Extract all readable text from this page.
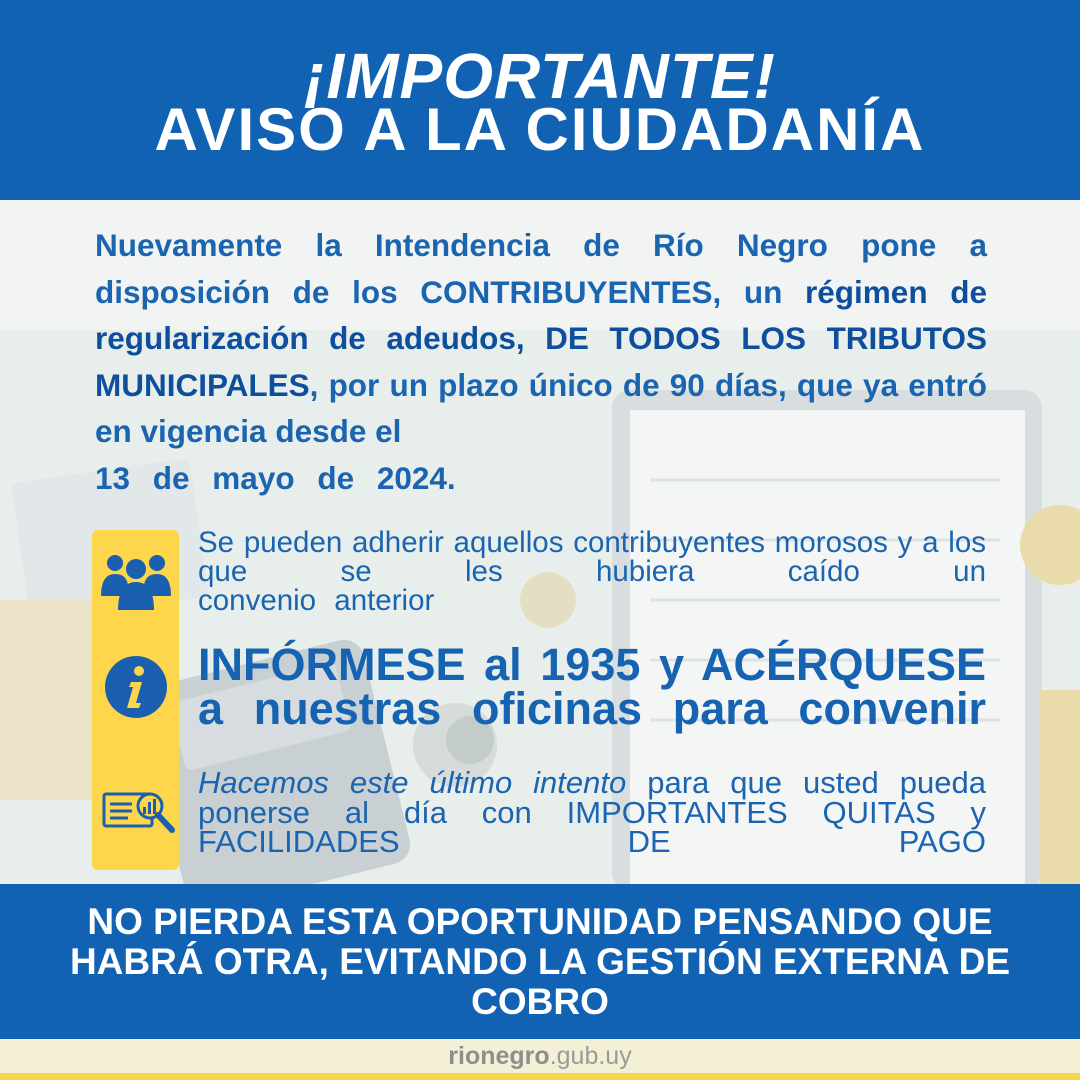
¡IMPORTANTE!
AVISO A LA CIUDADANÍA
Nuevamente la Intendencia de Río Negro pone a disposición de los CONTRIBUYENTES, un régimen de regularización de adeudos, DE TODOS LOS TRIBUTOS MUNICIPALES, por un plazo único de 90 días, que ya entró en vigencia desde el
13 de mayo de 2024.
Se pueden adherir aquellos contribuyentes morosos y a los que se les hubiera caído un
convenio anterior
INFÓRMESE al 1935 y ACÉRQUESE a nuestras oficinas para convenir
Hacemos este último intento para que usted pueda ponerse al día con IMPORTANTES QUITAS y FACILIDADES DE PAGO
NO PIERDA ESTA OPORTUNIDAD PENSANDO QUE HABRÁ OTRA, EVITANDO LA GESTIÓN EXTERNA DE COBRO
rionegro.gub.uy
